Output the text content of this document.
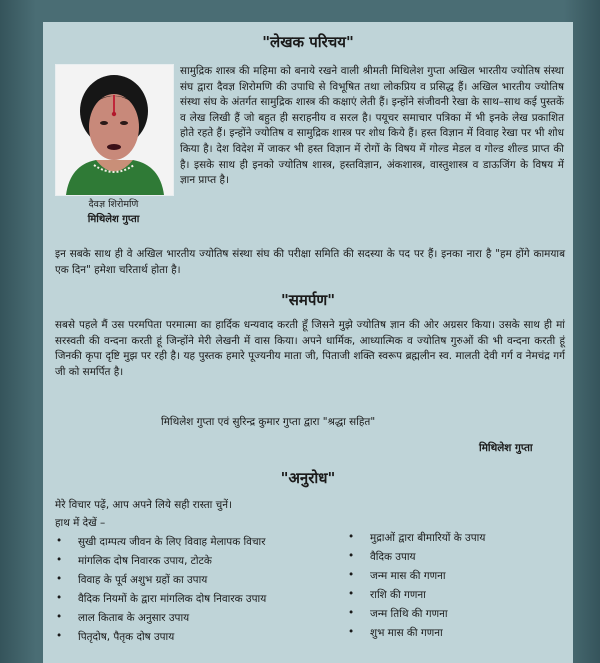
"लेखक परिचय"
दैवज्ञ शिरोमणि
मिथिलेश गुप्ता

सामुद्रिक शास्त्र की महिमा को बनाये रखने वाली श्रीमती मिथिलेश गुप्ता अखिल भारतीय ज्योतिष संस्था संघ द्वारा दैवज्ञ शिरोमणि की उपाधि से विभूषित तथा लोकप्रिय व प्रसिद्ध हैं। अखिल भारतीय ज्योतिष संस्था संघ के अंतर्गत सामुद्रिक शास्त्र की कक्षाएं लेती हैं। इन्होंने संजीवनी रेखा के साथ–साथ कई पुस्तकें व लेख लिखी हैं जो बहुत ही सराहनीय व सरल है। पयूचर समाचार पत्रिका में भी इनके लेख प्रकाशित होते रहते हैं। इन्होंने ज्योतिष व सामुद्रिक शास्त्र पर शोध किये हैं। हस्त विज्ञान में विवाह रेखा पर भी शोध किया है। देश विदेश में जाकर भी हस्त विज्ञान में रोगों के विषय में गोल्ड मेडल व गोल्ड शील्ड प्राप्त की है। इसके साथ ही इनको ज्योतिष शास्त्र, हस्तविज्ञान, अंकशास्त्र, वास्तुशास्त्र व डाऊजिंग के विषय में ज्ञान प्राप्त है।

इन सबके साथ ही वे अखिल भारतीय ज्योतिष संस्था संघ की परीक्षा समिति की सदस्या के पद पर हैं। इनका नारा है "हम होंगे कामयाब एक दिन" हमेशा चरितार्थ होता है।

"समर्पण"

सबसे पहले मैं उस परमपिता परमात्मा का हार्दिक धन्यवाद करती हूँ जिसने मुझे ज्योतिष ज्ञान की ओर अग्रसर किया। उसके साथ ही मां सरस्वती की वन्दना करती हूं जिन्होंने मेरी लेखनी में वास किया। अपने धार्मिक, आध्यात्मिक व ज्योतिष गुरुओं की भी वन्दना करती हूं जिनकी कृपा दृष्टि मुझ पर रही है। यह पुस्तक हमारे पूज्यनीय माता जी, पिताजी शक्ति स्वरूप ब्रह्मलीन स्व. मालती देवी गर्ग व नेमचंद्र गर्ग जी को समर्पित है।

मिथिलेश गुप्ता एवं सुरिन्द्र कुमार गुप्ता द्वारा "श्रद्धा सहित"
मिथिलेश गुप्ता
"अनुरोध"
मेरे विचार पढ़ें, आप अपने लिये सही रास्ता चुनें।
हाथ में देखें –
• सुखी दाम्पत्य जीवन के लिए विवाह मेलापक विचार
• मांगलिक दोष निवारक उपाय, टोटके
• विवाह के पूर्व अशुभ ग्रहों का उपाय
• वैदिक नियमों के द्वारा मांगलिक दोष निवारक उपाय
• लाल किताब के अनुसार उपाय
• पितृदोष, पैतृक दोष उपाय
• मुद्राओं द्वारा बीमारियों के उपाय
• वैदिक उपाय
• जन्म मास की गणना
• राशि की गणना
• जन्म तिथि की गणना
• शुभ मास की गणना
